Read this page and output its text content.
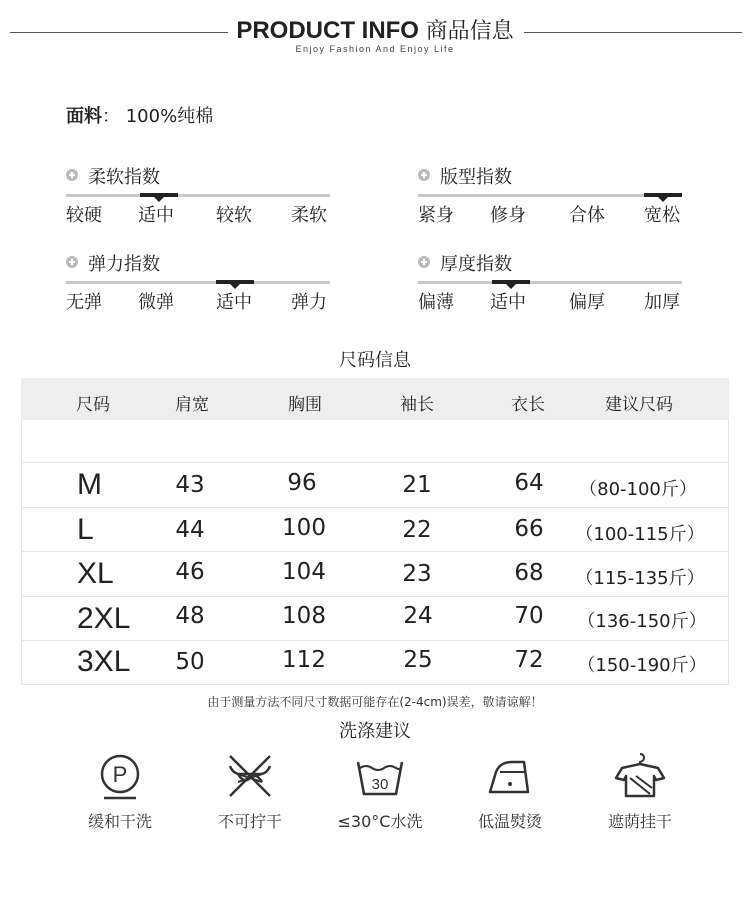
PRODUCT INFO 商品信息
Enjoy Fashion And Enjoy Life
面料： 100%纯棉
柔软指数
较硬 适中 较软 柔软
版型指数
紧身 修身 合体 宽松
弹力指数
无弹 微弹 适中 弹力
厚度指数
偏薄 适中 偏厚 加厚
尺码信息
尺码	肩宽	胸围	袖长	衣长	建议尺码
M	43	96	21	64 （80-100斤）
L	44	100	22	66 （100-115斤）
XL	46	104	23	68 （115-135斤）
2XL 48	108	24	70 （136-150斤）
3XL 50	112	25	72 （150-190斤）
由于测量方法不同尺寸数据可能存在(2-4cm)误差，敬请谅解！
洗涤建议
P	30
缓和干洗	不可拧干	≤30°C水洗	低温熨烫	遮荫挂干
